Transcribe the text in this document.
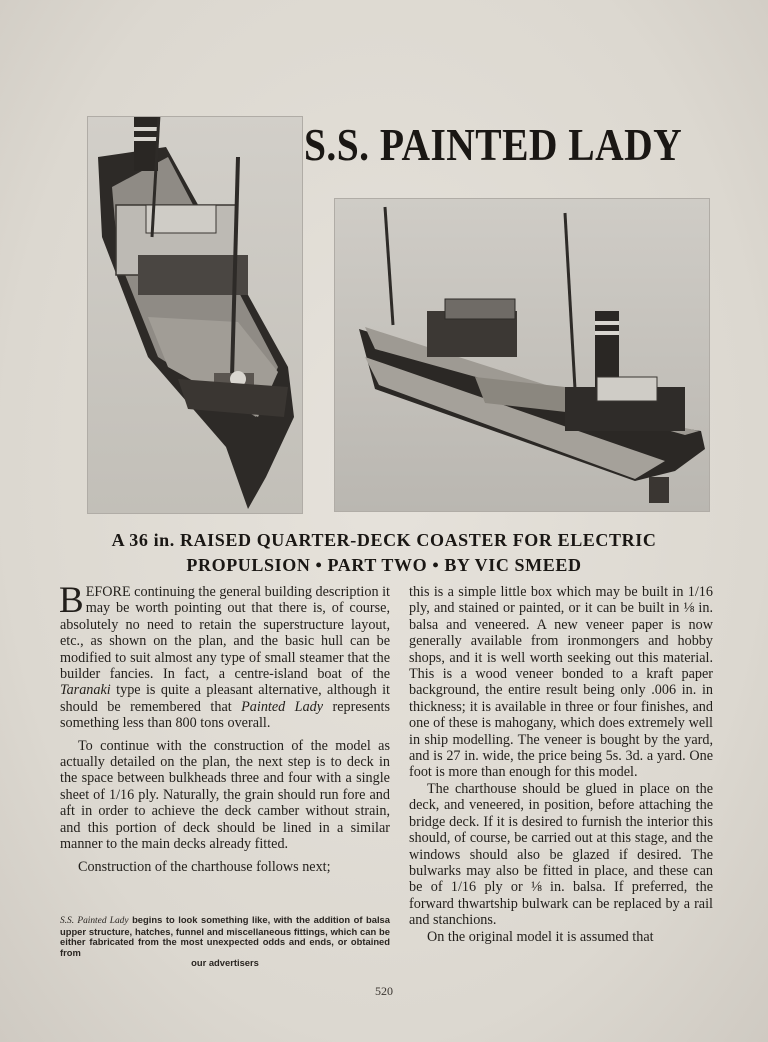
S.S. PAINTED LADY
A 36 in. RAISED QUARTER-DECK COASTER FOR ELECTRIC
PROPULSION • PART TWO • BY VIC SMEED

BEFORE continuing the general building description it may be worth pointing out that there is, of course, absolutely no need to retain the superstructure layout, etc., as shown on the plan, and the basic hull can be modified to suit almost any type of small steamer that the builder fancies. In fact, a centre-island boat of the Taranaki type is quite a pleasant alternative, although it should be remembered that Painted Lady represents something less than 800 tons overall.

To continue with the construction of the model as actually detailed on the plan, the next step is to deck in the space between bulkheads three and four with a single sheet of 1/16 ply. Naturally, the grain should run fore and aft in order to achieve the deck camber without strain, and this portion of deck should be lined in a similar manner to the main decks already fitted.

Construction of the charthouse follows next;

S.S. Painted Lady begins to look something like, with the addition of balsa upper structure, hatches, funnel and miscellaneous fittings, which can be either fabricated from the most unexpected odds and ends, or obtained from
our advertisers

this is a simple little box which may be built in 1/16 ply, and stained or painted, or it can be built in ⅛ in. balsa and veneered. A new veneer paper is now generally available from ironmongers and hobby shops, and it is well worth seeking out this material. This is a wood veneer bonded to a kraft paper background, the entire result being only .006 in. in thickness; it is available in three or four finishes, and one of these is mahogany, which does extremely well in ship modelling. The veneer is bought by the yard, and is 27 in. wide, the price being 5s. 3d. a yard. One foot is more than enough for this model.

The charthouse should be glued in place on the deck, and veneered, in position, before attaching the bridge deck. If it is desired to furnish the interior this should, of course, be carried out at this stage, and the windows should also be glazed if desired. The bulwarks may also be fitted in place, and these can be of 1/16 ply or ⅛ in. balsa. If preferred, the forward thwartship bulwark can be replaced by a rail and stanchions.

On the original model it is assumed that

520
